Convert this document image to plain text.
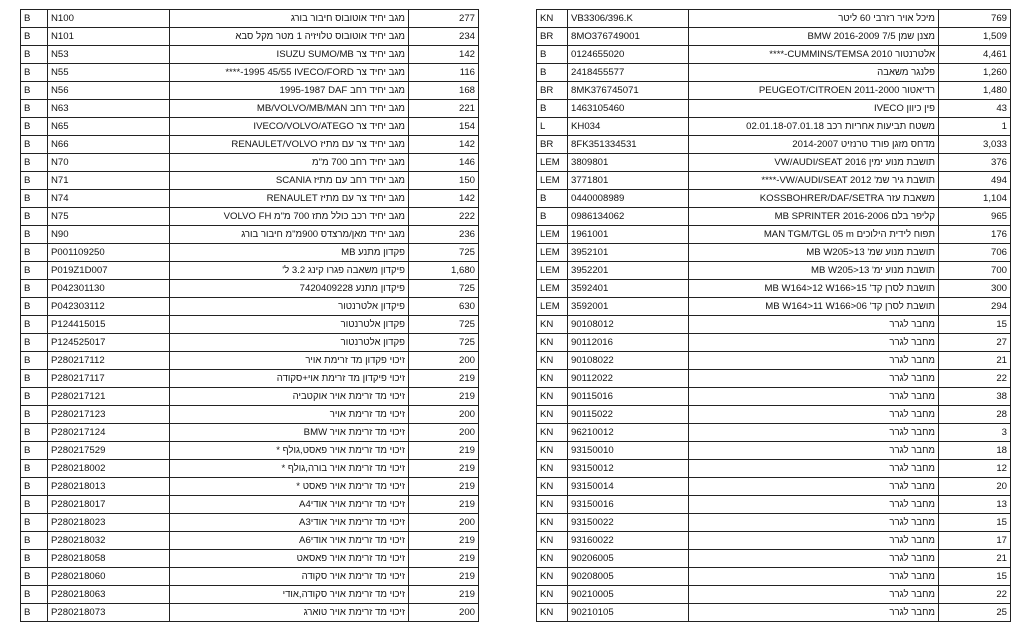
B	N100	מגב יחיד אוטובוס חיבור בורג	277
B	N101	מגב יחיד אוטובוס טלויזיה 1 מטר מקל סבא	234
B	N53	ISUZU SUMO/MB מגב יחיד צר	142
B	N55	****-1995 45/55 IVECO/FORD מגב יחיד צר	116
B	N56	1995-1987 DAF מגב יחיד רחב	168
B	N63	MB/VOLVO/MB/MAN מגב יחיד רחב	221
B	N65	IVECO/VOLVO/ATEGO מגב יחיד צר	154
B	N66	RENAULET/VOLVO מגב יחיד צר עם מתיז	142
B	N70	מגב יחיד רחב 700 מ"מ	146
B	N71	SCANIA מגב יחיד רחב עם מתיז	150
B	N74	RENAULET מגב יחיד צר עם מתיז	142
B	N75	VOLVO FH מגב יחיד רכב כולל מתז 700 מ"מ	222
B	N90	מגב יחיד מאן/מרצדס 900מ"מ חיבור בורג	236
B	P001109250	פקדון מתנע MB	725
B	P019Z1D007	פיקדון משאבה פגרו קינג 3.2 ל'	1,680
B	P042301130	פיקדון מתנע 7420409228	725
B	P042303112	פיקדון אלטרנטור	630
B	P124415015	פקדון אלטרנטור	725
B	P124525017	פקדון אלטרנטור	725
B	P280217112	זיכוי פקדון מד זרימת אויר	200
B	P280217117	זיכוי פיקדון מד זרימת אוי+סקודה	219
B	P280217121	זיכוי מד זרימת אויר אוקטביה	219
B	P280217123	זיכוי מד זרימת אויר	200
B	P280217124	זיכוי מד זרימת אויר BMW	200
B	P280217529	זיכוי מד זרימת אויר פאסט,גולף *	219
B	P280218002	זיכוי מד זרימת אויר בורה,גולף *	219
B	P280218013	זיכוי מד זרימת אויר פאסט *	219
B	P280218017	זיכוי מד זרימת אויר אודיA4	219
B	P280218023	זיכוי מד זרימת אויר אודיA3	200
B	P280218032	זיכוי מד זרימת אויר אודיA6	219
B	P280218058	זיכוי מד זרימת אויר פאסאט	219
B	P280218060	זיכוי מד זרימת אויר סקודה	219
B	P280218063	זיכוי מד זרימת אויר סקודה,אודי	219
B	P280218073	זיכוי מד זרימת אויר טוארג	200
KN	VB3306/396.K	מיכל אויר רזרבי 60 ליטר	769
BR	8MO376749001	מצנן שמן 7/5 BMW 2016-2009	1,509
B	0124655020	אלטרנטור CUMMINS/TEMSA 2010-****	4,461
B	2418455577	פלנגר משאבה	1,260
BR	8MK376745071	רדיאטור PEUGEOT/CITROEN 2011-2000	1,480
B	1463105460	פין כיוון IVECO	43
L	KH034	משטח תביעות אחריות רכב 02.01.18-07.01.18	1
BR	8FK351334531	מדחס מזגן פורד טרנזיט 2014-2007	3,033
LEM	3809801	תושבת מנוע ימין VW/AUDI/SEAT 2016	376
LEM	3771801	תושבת גיר שמ' VW/AUDI/SEAT 2012-****	494
B	0440008989	משאבת עזר KOSSBOHRER/DAF/SETRA	1,104
B	0986134062	קליפר בלם MB SPRINTER 2016-2006	965
LEM	1961001	תפוח לידית הילוכים MAN TGM/TGL 05 m	176
LEM	3952101	תושבת מנוע שמ' MB W205>13	706
LEM	3952201	תושבת מנוע ימ' MB W205>13	700
LEM	3592401	תושבת לסרן קד' MB W164>12 W166>15	300
LEM	3592001	תושבת לסרן קד' MB W164>11 W166>06	294
KN	90108012	מחבר לגרר	15
KN	90112016	מחבר לגרר	27
KN	90108022	מחבר לגרר	21
KN	90112022	מחבר לגרר	22
KN	90115016	מחבר לגרר	38
KN	90115022	מחבר לגרר	28
KN	96210012	מחבר לגרר	3
KN	93150010	מחבר לגרר	18
KN	93150012	מחבר לגרר	12
KN	93150014	מחבר לגרר	20
KN	93150016	מחבר לגרר	13
KN	93150022	מחבר לגרר	15
KN	93160022	מחבר לגרר	17
KN	90206005	מחבר לגרר	21
KN	90208005	מחבר לגרר	15
KN	90210005	מחבר לגרר	22
KN	90210105	מחבר לגרר	25
